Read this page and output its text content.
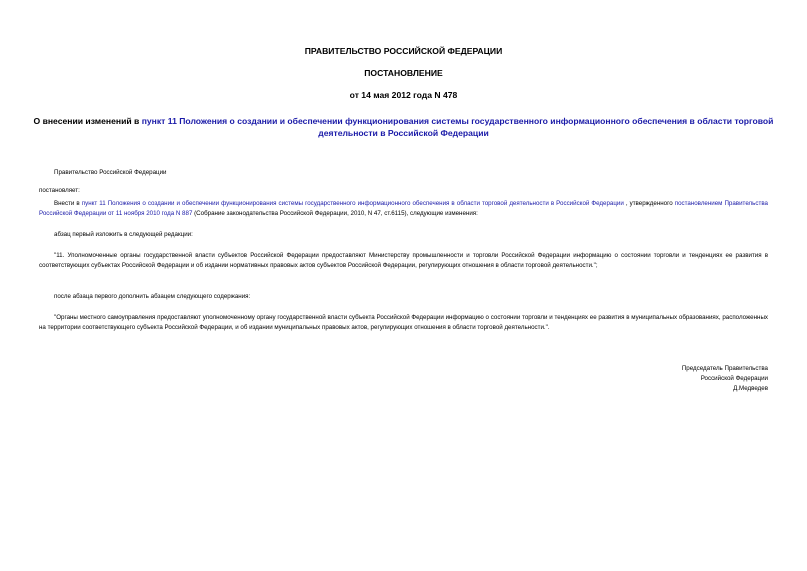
ПРАВИТЕЛЬСТВО РОССИЙСКОЙ ФЕДЕРАЦИИ
ПОСТАНОВЛЕНИЕ
от 14 мая 2012 года N 478
О внесении изменений в пункт 11 Положения о создании и обеспечении функционирования системы государственного информационного обеспечения в области торговой деятельности в Российской Федерации
Правительство Российской Федерации
постановляет:
Внести в пункт 11 Положения о создании и обеспечении функционирования системы государственного информационного обеспечения в области торговой деятельности в Российской Федерации , утвержденного постановлением Правительства Российской Федерации от 11 ноября 2010 года N 887 (Собрание законодательства Российской Федерации, 2010, N 47, ст.6115), следующие изменения:
абзац первый изложить в следующей редакции:
"11. Уполномоченные органы государственной власти субъектов Российской Федерации предоставляют Министерству промышленности и торговли Российской Федерации информацию о состоянии торговли и тенденциях ее развития в соответствующих субъектах Российской Федерации и об издании нормативных правовых актов субъектов Российской Федерации, регулирующих отношения в области торговой деятельности.";
после абзаца первого дополнить абзацем следующего содержания:
"Органы местного самоуправления предоставляют уполномоченному органу государственной власти субъекта Российской Федерации информацию о состоянии торговли и тенденциях ее развития в муниципальных образованиях, расположенных на территории соответствующего субъекта Российской Федерации, и об издании муниципальных правовых актов, регулирующих отношения в области торговой деятельности.".
Председатель Правительства
Российской Федерации
Д.Медведев
